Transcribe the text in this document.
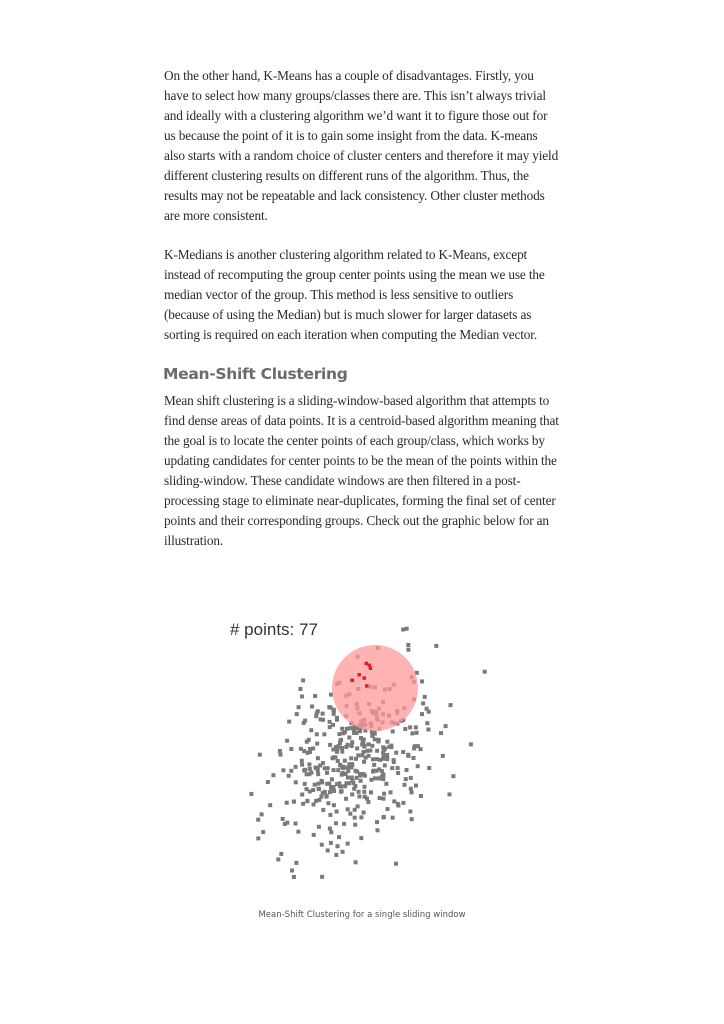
On the other hand, K-Means has a couple of disadvantages. Firstly, you have to select how many groups/classes there are. This isn’t always trivial and ideally with a clustering algorithm we’d want it to figure those out for us because the point of it is to gain some insight from the data. K-means also starts with a random choice of cluster centers and therefore it may yield different clustering results on different runs of the algorithm. Thus, the results may not be repeatable and lack consistency. Other cluster methods are more consistent.

K-Medians is another clustering algorithm related to K-Means, except instead of recomputing the group center points using the mean we use the median vector of the group. This method is less sensitive to outliers (because of using the Median) but is much slower for larger datasets as sorting is required on each iteration when computing the Median vector.

Mean-Shift Clustering

Mean shift clustering is a sliding-window-based algorithm that attempts to find dense areas of data points. It is a centroid-based algorithm meaning that the goal is to locate the center points of each group/class, which works by updating candidates for center points to be the mean of the points within the sliding-window. These candidate windows are then filtered in a post-processing stage to eliminate near-duplicates, forming the final set of center points and their corresponding groups. Check out the graphic below for an illustration.

# points: 77
Mean-Shift Clustering for a single sliding window
